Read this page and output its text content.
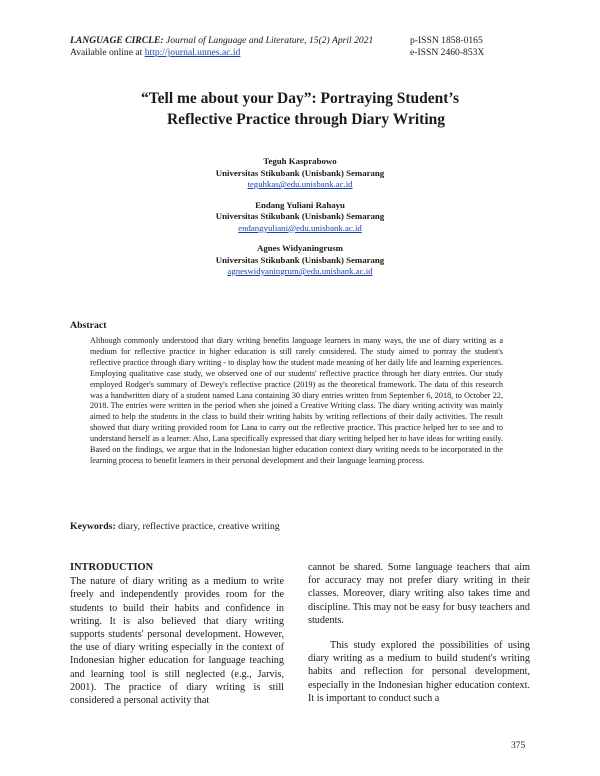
LANGUAGE CIRCLE: Journal of Language and Literature, 15(2) April 2021	p-ISSN 1858-0165
Available online at http://journal.unnes.ac.id	e-ISSN 2460-853X
“Tell me about your Day”: Portraying Student’s
Reflective Practice through Diary Writing
Teguh Kasprabowo
Universitas Stikubank (Unisbank) Semarang
teguhkas@edu.unisbank.ac.id
Endang Yuliani Rahayu
Universitas Stikubank (Unisbank) Semarang
endangyuliani@edu.unisbank.ac.id
Agnes Widyaningrusm
Universitas Stikubank (Unisbank) Semarang
agneswidyaningrum@edu.unisbank.ac.id
Abstract
Although commonly understood that diary writing benefits language learners in many ways, the use of diary writing as a medium for reflective practice in higher education is still rarely considered. The study aimed to portray the student's reflective practice through diary writing - to display how the student made meaning of her daily life and learning experiences. Employing qualitative case study, we observed one of our students' reflective practice through her diary entries. Our study employed Rodger's summary of Dewey's reflective practice (2019) as the theoretical framework. The data of this research was a handwritten diary of a student named Lana containing 30 diary entries written from September 6, 2018, to October 22, 2018. The entries were written in the period when she joined a Creative Writing class. The diary writing activity was mainly aimed to help the students in the class to build their writing habits by writing reflections of their daily activities. The result showed that diary writing provided room for Lana to carry out the reflective practice. This practice helped her to see and to understand herself as a learner. Also, Lana specifically expressed that diary writing helped her to have ideas for writing easily. Based on the findings, we argue that in the Indonesian higher education context diary writing needs to be incorporated in the learning process to benefit learners in their personal development and their language learning process.
Keywords: diary, reflective practice, creative writing
INTRODUCTION

The nature of diary writing as a medium to write freely and independently provides room for the students to build their habits and confidence in writing. It is also believed that diary writing supports students' personal development. However, the use of diary writing especially in the context of Indonesian higher education for language teaching and learning tool is still neglected (e.g., Jarvis, 2001). The practice of diary writing is still considered a personal activity that

cannot be shared. Some language teachers that aim for accuracy may not prefer diary writing in their classes. Moreover, diary writing also takes time and discipline. This may not be easy for busy teachers and students.

This study explored the possibilities of using diary writing as a medium to build student's writing habits and reflection for personal development, especially in the Indonesian higher education context. It is important to conduct such a

375
